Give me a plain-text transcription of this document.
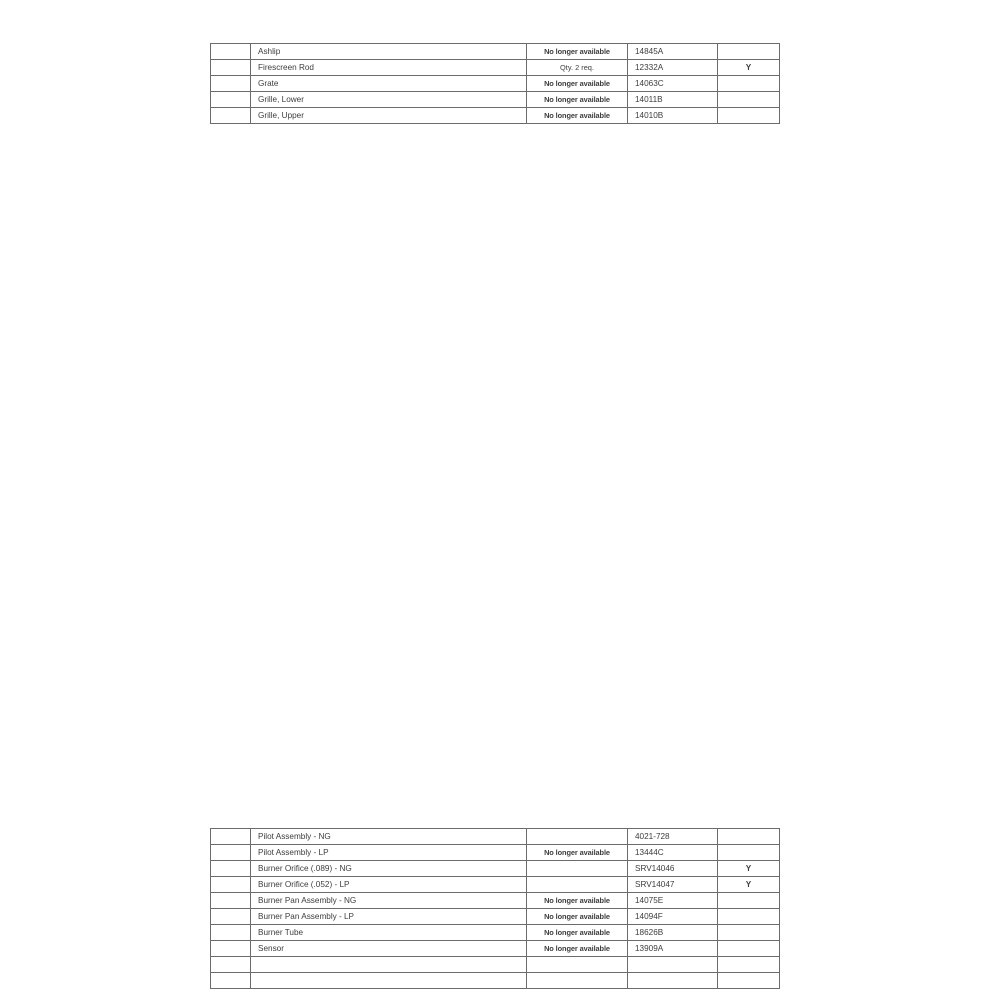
	Ashlip	No longer available	14845A	
	Firescreen Rod	Qty. 2 req.	12332A	Y
	Grate	No longer available	14063C	
	Grille, Lower	No longer available	14011B	
	Grille, Upper	No longer available	14010B	
	Pilot Assembly - NG		4021-728	
	Pilot Assembly - LP	No longer available	13444C	
	Burner Orifice (.089) - NG		SRV14046	Y
	Burner Orifice (.052) - LP		SRV14047	Y
	Burner Pan Assembly - NG	No longer available	14075E	
	Burner Pan Assembly - LP	No longer available	14094F	
	Burner Tube	No longer available	18626B	
	Sensor	No longer available	13909A	
